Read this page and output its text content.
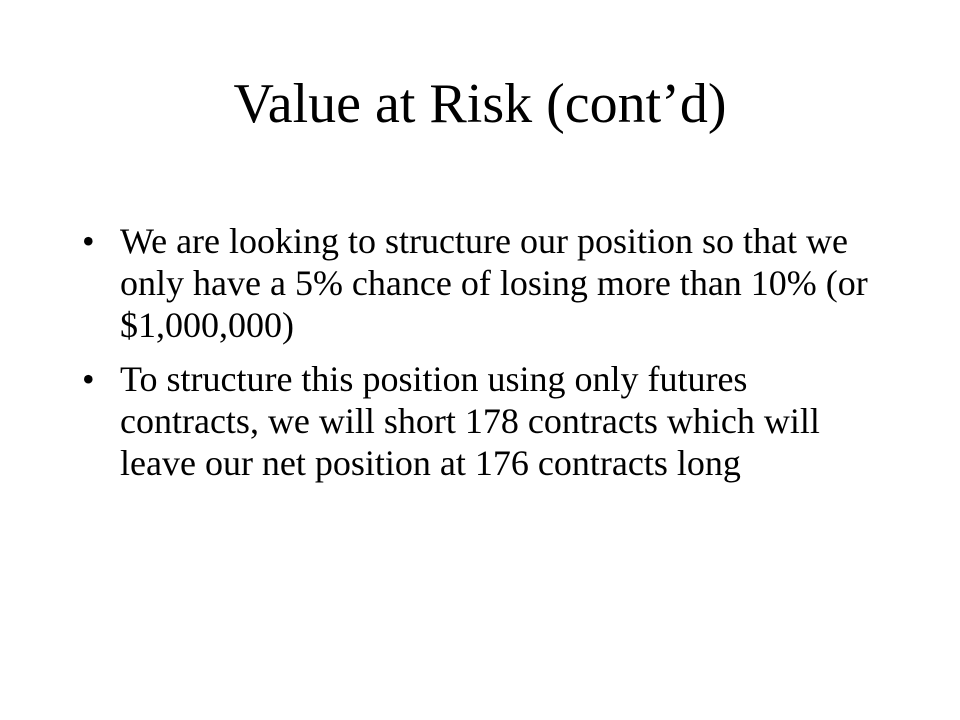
Value at Risk (cont’d)
• We are looking to structure our position so that we only have a 5% chance of losing more than 10% (or $1,000,000)
• To structure this position using only futures contracts, we will short 178 contracts which will leave our net position at 176 contracts long
